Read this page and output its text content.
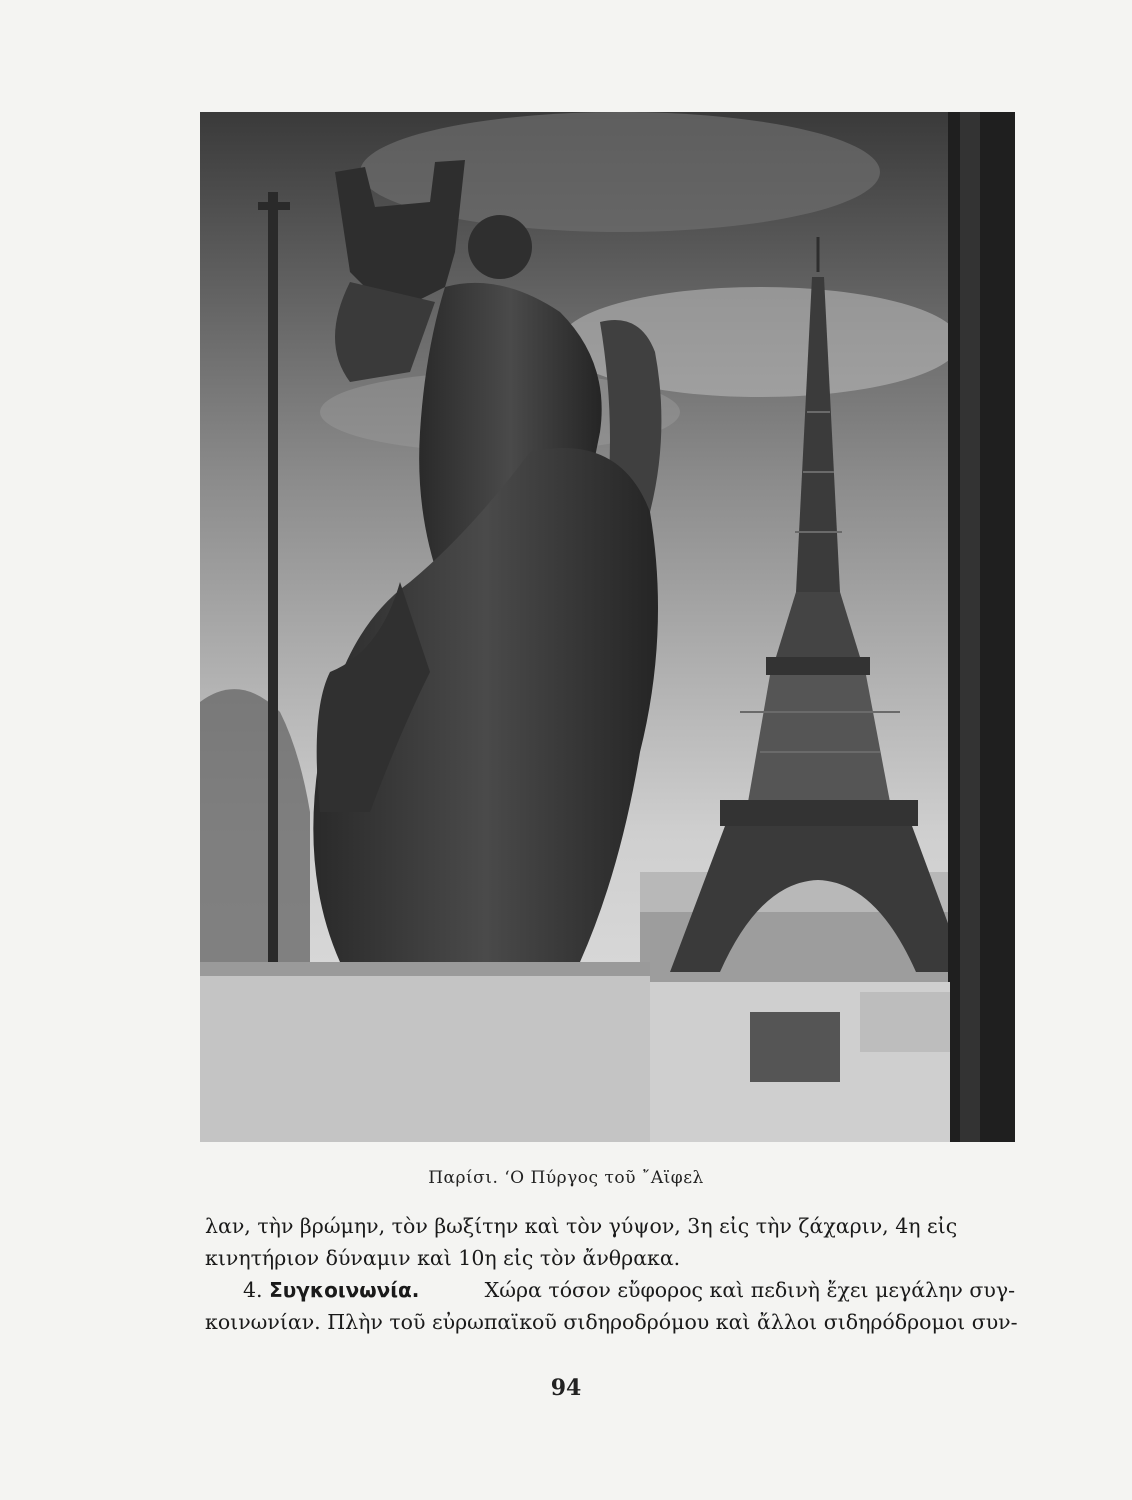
Παρίσι. ‘Ο Πύργος τοῦ ῎Αϊφελ
λαν, τὴν βρώμην, τὸν βωξίτην καὶ τὸν γύψον, 3η εἰς τὴν ζάχαριν, 4η εἰς
κινητήριον δύναμιν καὶ 10η εἰς τὸν ἄνθρακα.
4. Συγκοινωνία.	Χώρα τόσον εὔφορος καὶ πεδινὴ ἔχει μεγάλην συγ-
κοινωνίαν. Πλὴν τοῦ εὐρωπαϊκοῦ σιδηροδρόμου καὶ ἄλλοι σιδηρόδρομοι συν-
94
